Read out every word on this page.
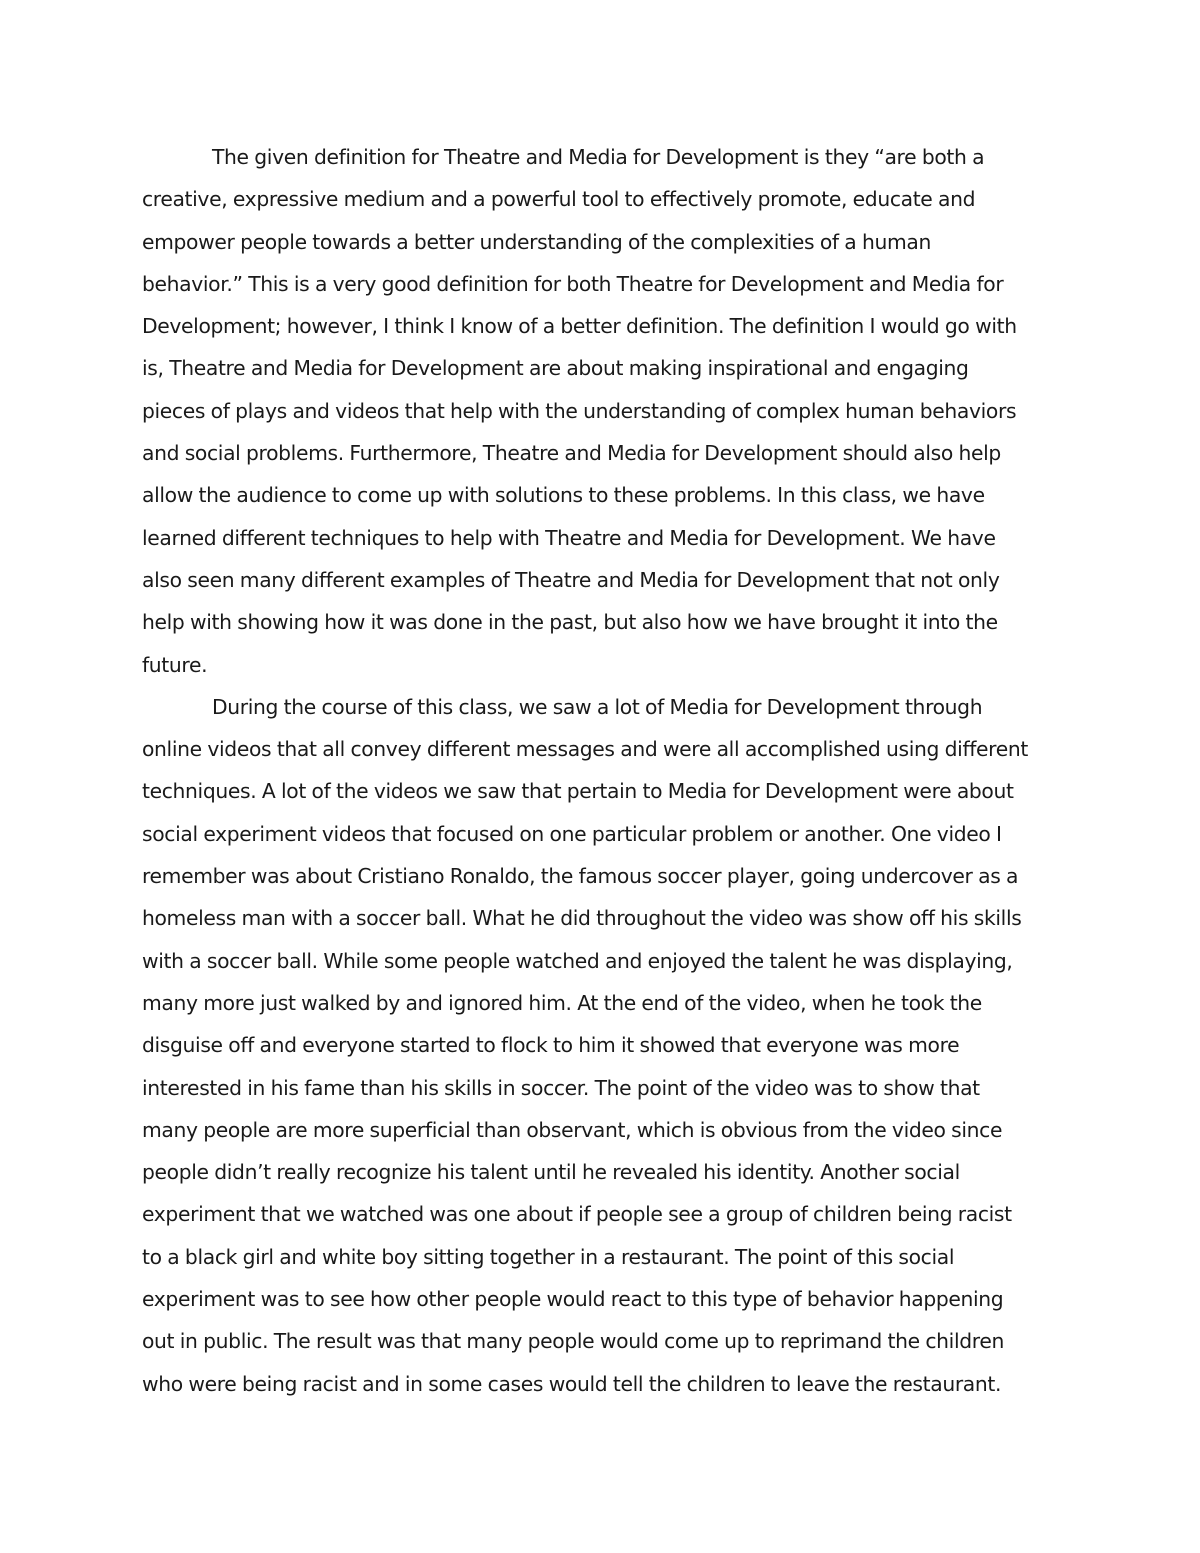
The given definition for Theatre and Media for Development is they “are both a
creative, expressive medium and a powerful tool to effectively promote, educate and
empower people towards a better understanding of the complexities of a human
behavior.” This is a very good definition for both Theatre for Development and Media for
Development; however, I think I know of a better definition. The definition I would go with
is, Theatre and Media for Development are about making inspirational and engaging
pieces of plays and videos that help with the understanding of complex human behaviors
and social problems. Furthermore, Theatre and Media for Development should also help
allow the audience to come up with solutions to these problems. In this class, we have
learned different techniques to help with Theatre and Media for Development. We have
also seen many different examples of Theatre and Media for Development that not only
help with showing how it was done in the past, but also how we have brought it into the
future.
During the course of this class, we saw a lot of Media for Development through
online videos that all convey different messages and were all accomplished using different
techniques. A lot of the videos we saw that pertain to Media for Development were about
social experiment videos that focused on one particular problem or another. One video I
remember was about Cristiano Ronaldo, the famous soccer player, going undercover as a
homeless man with a soccer ball. What he did throughout the video was show off his skills
with a soccer ball. While some people watched and enjoyed the talent he was displaying,
many more just walked by and ignored him. At the end of the video, when he took the
disguise off and everyone started to flock to him it showed that everyone was more
interested in his fame than his skills in soccer. The point of the video was to show that
many people are more superficial than observant, which is obvious from the video since
people didn’t really recognize his talent until he revealed his identity. Another social
experiment that we watched was one about if people see a group of children being racist
to a black girl and white boy sitting together in a restaurant. The point of this social
experiment was to see how other people would react to this type of behavior happening
out in public. The result was that many people would come up to reprimand the children
who were being racist and in some cases would tell the children to leave the restaurant.
